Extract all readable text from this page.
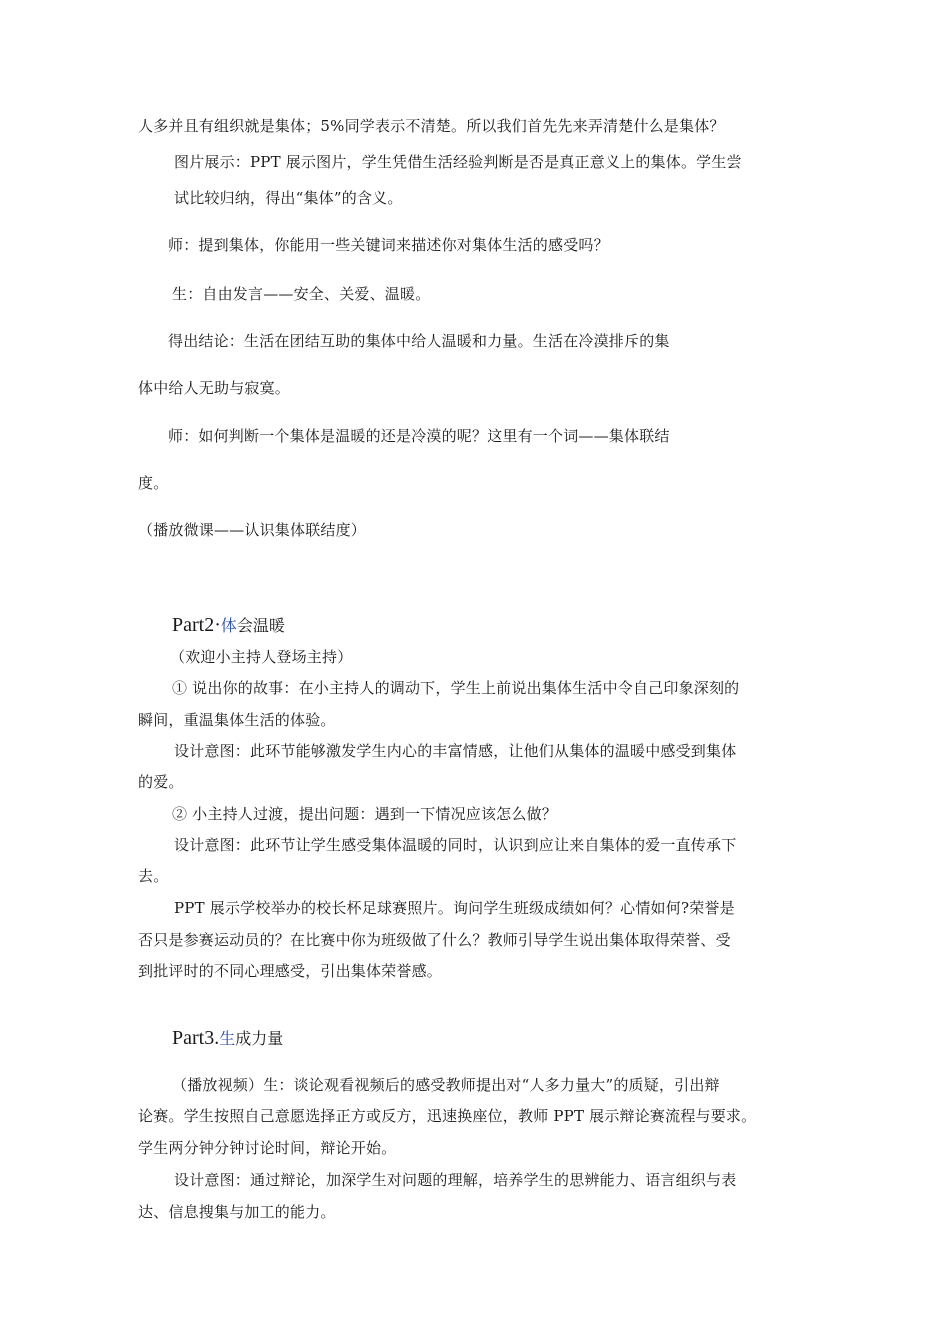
人多并且有组织就是集体；5%同学表示不清楚。所以我们首先先来弄清楚什么是集体？
图片展示：PPT 展示图片，学生凭借生活经验判断是否是真正意义上的集体。学生尝
试比较归纳，得出“集体”的含义。
师：提到集体，你能用一些关键词来描述你对集体生活的感受吗？
生：自由发言——安全、关爱、温暖。
得出结论：生活在团结互助的集体中给人温暖和力量。生活在冷漠排斥的集
体中给人无助与寂寞。
师：如何判断一个集体是温暖的还是冷漠的呢？这里有一个词——集体联结
度。
（播放微课——认识集体联结度）
Part2·体会温暖
（欢迎小主持人登场主持）
① 说出你的故事：在小主持人的调动下，学生上前说出集体生活中令自己印象深刻的
瞬间，重温集体生活的体验。
设计意图：此环节能够激发学生内心的丰富情感，让他们从集体的温暖中感受到集体
的爱。
② 小主持人过渡，提出问题：遇到一下情况应该怎么做？
设计意图：此环节让学生感受集体温暖的同时，认识到应让来自集体的爱一直传承下
去。
PPT 展示学校举办的校长杯足球赛照片。询问学生班级成绩如何？心情如何?荣誉是
否只是参赛运动员的？在比赛中你为班级做了什么？教师引导学生说出集体取得荣誉、受
到批评时的不同心理感受，引出集体荣誉感。
Part3.生成力量
（播放视频）生：谈论观看视频后的感受教师提出对“人多力量大”的质疑，引出辩
论赛。学生按照自己意愿选择正方或反方，迅速换座位，教师 PPT 展示辩论赛流程与要求。
学生两分钟分钟讨论时间，辩论开始。
设计意图：通过辩论，加深学生对问题的理解，培养学生的思辨能力、语言组织与表
达、信息搜集与加工的能力。
